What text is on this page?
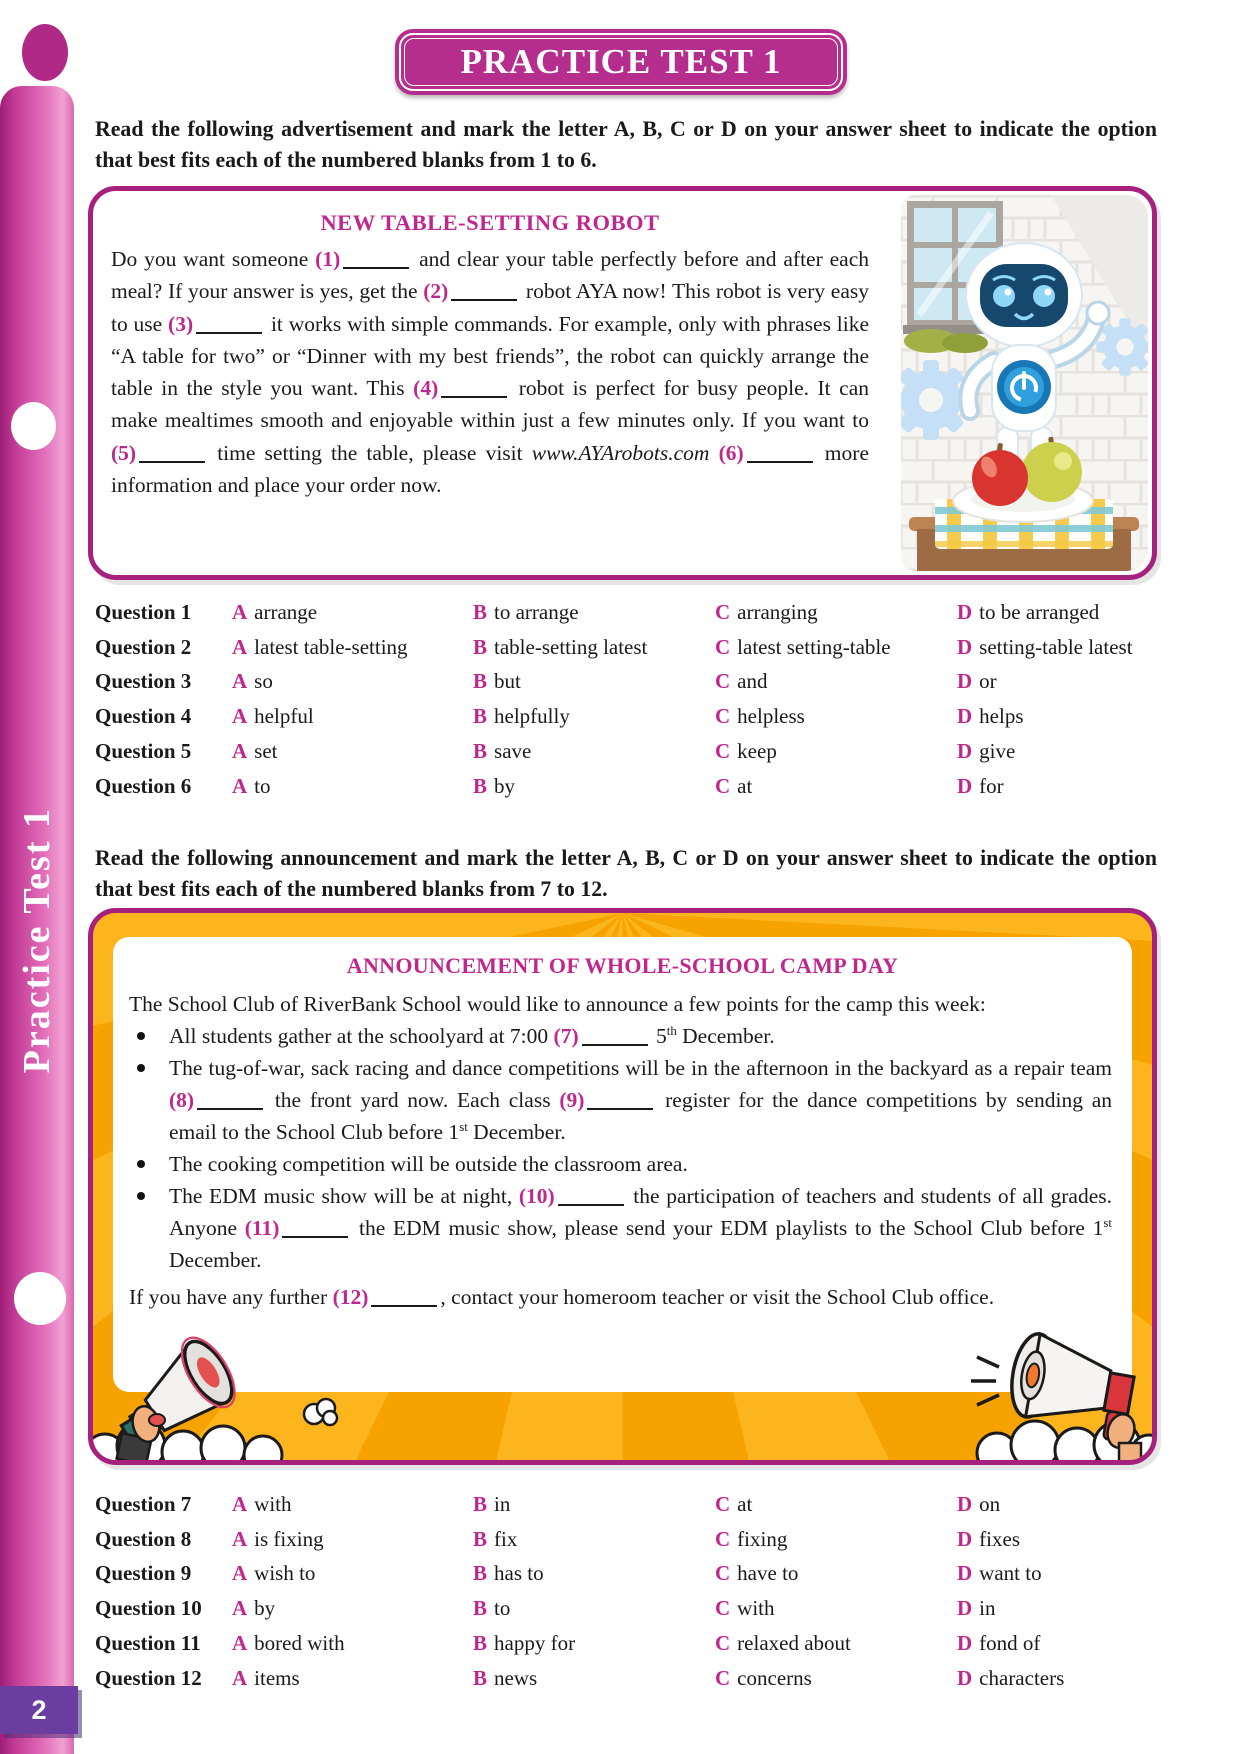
Practice Test 1
2
PRACTICE TEST 1
Read the following advertisement and mark the letter A, B, C or D on your answer sheet to indicate the option that best fits each of the numbered blanks from 1 to 6.
NEW TABLE-SETTING ROBOT
Do you want someone (1)	and clear your table perfectly before and after each meal? If your answer is yes, get the (2)	robot AYA now! This robot is very easy to use (3)	it works with simple commands. For example, only with phrases like “A table for two” or “Dinner with my best friends”, the robot can quickly arrange the table in the style you want. This (4)	robot is perfect for busy people. It can make mealtimes smooth and enjoyable within just a few minutes only. If you want to (5)	time setting the table, please visit www.AYArobots.com (6)	more information and place your order now.
Question 1	A arrange	B to arrange	C arranging	D to be arranged
Question 2	A latest table-setting	B table-setting latest	C latest setting-table	D setting-table latest
Question 3	A so	B but	C and	D or
Question 4	A helpful	B helpfully	C helpless	D helps
Question 5	A set	B save	C keep	D give
Question 6	A to	B by	C at	D for
Read the following announcement and mark the letter A, B, C or D on your answer sheet to indicate the option that best fits each of the numbered blanks from 7 to 12.
ANNOUNCEMENT OF WHOLE-SCHOOL CAMP DAY
The School Club of RiverBank School would like to announce a few points for the camp this week:
All students gather at the schoolyard at 7:00 (7)	5th December.
The tug-of-war, sack racing and dance competitions will be in the afternoon in the backyard as a repair team (8)	the front yard now. Each class (9)	register for the dance competitions by sending an email to the School Club before 1st December.
The cooking competition will be outside the classroom area.
The EDM music show will be at night, (10)	the participation of teachers and students of all grades. Anyone (11)	the EDM music show, please send your EDM playlists to the School Club before 1st December.
If you have any further (12)	, contact your homeroom teacher or visit the School Club office.
Question 7	A with	B in	C at	D on
Question 8	A is fixing	B fix	C fixing	D fixes
Question 9	A wish to	B has to	C have to	D want to
Question 10	A by	B to	C with	D in
Question 11	A bored with	B happy for	C relaxed about	D fond of
Question 12	A items	B news	C concerns	D characters
